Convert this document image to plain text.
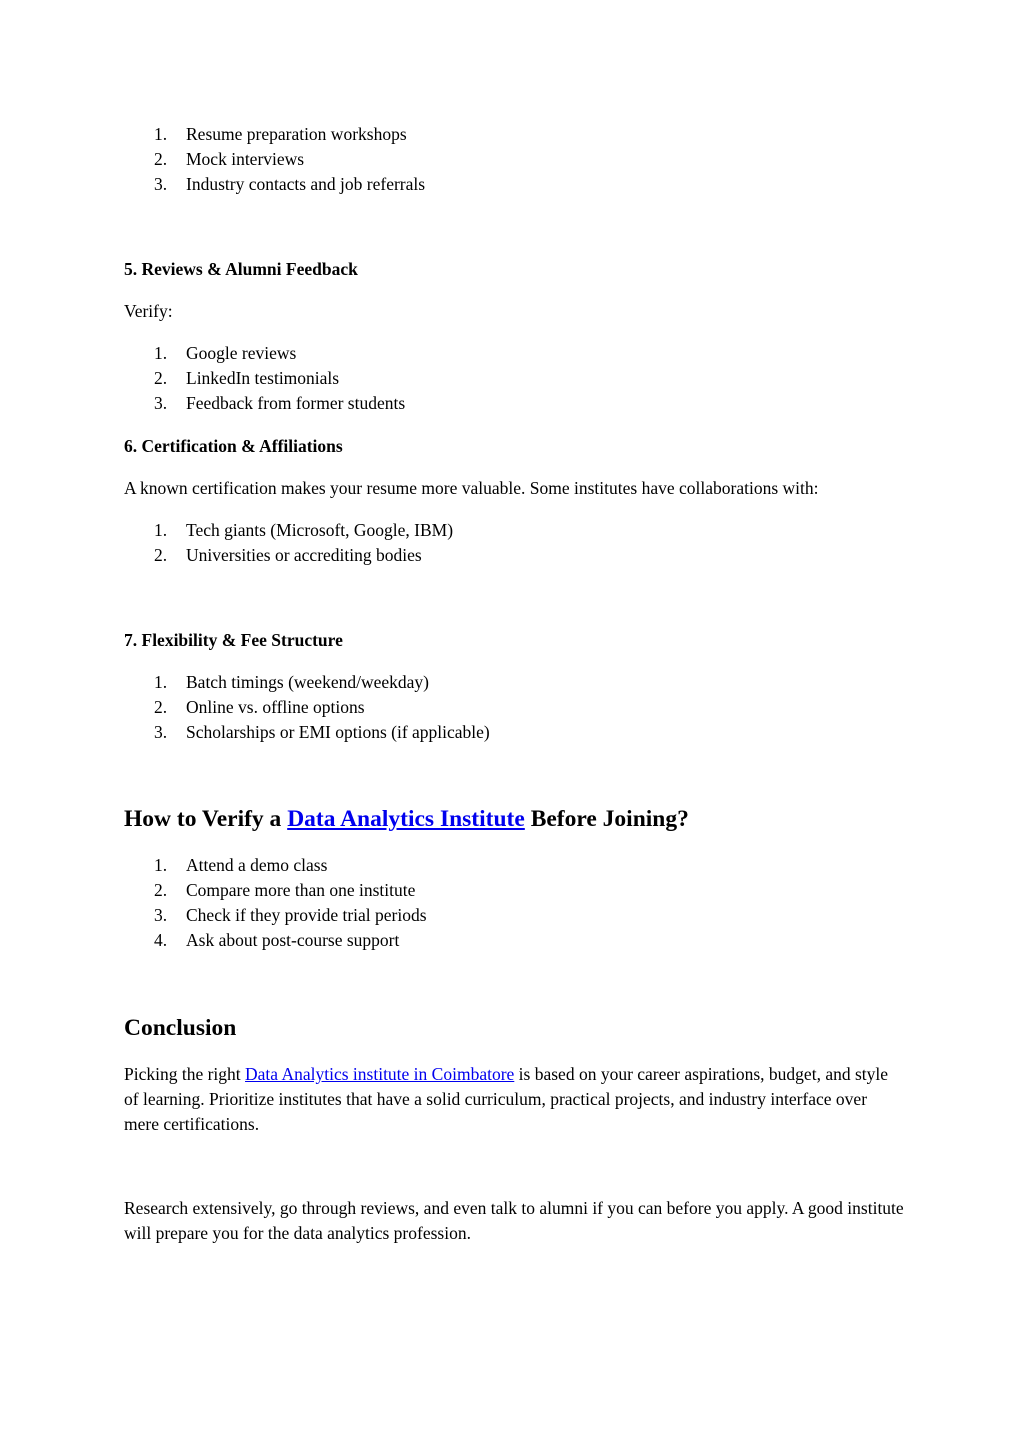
1.	Resume preparation workshops
2.	Mock interviews
3.	Industry contacts and job referrals
5. Reviews & Alumni Feedback

Verify:

1.	Google reviews
2.	LinkedIn testimonials
3.	Feedback from former students
6. Certification & Affiliations

A known certification makes your resume more valuable. Some institutes have collaborations with:

1.	Tech giants (Microsoft, Google, IBM)
2.	Universities or accrediting bodies
7. Flexibility & Fee Structure
1.	Batch timings (weekend/weekday)
2.	Online vs. offline options
3.	Scholarships or EMI options (if applicable)
How to Verify a Data Analytics Institute Before Joining?
1.	Attend a demo class
2.	Compare more than one institute
3.	Check if they provide trial periods
4.	Ask about post-course support
Conclusion

Picking the right Data Analytics institute in Coimbatore is based on your career aspirations, budget, and style of learning. Prioritize institutes that have a solid curriculum, practical projects, and industry interface over mere certifications.

Research extensively, go through reviews, and even talk to alumni if you can before you apply. A good institute will prepare you for the data analytics profession.
